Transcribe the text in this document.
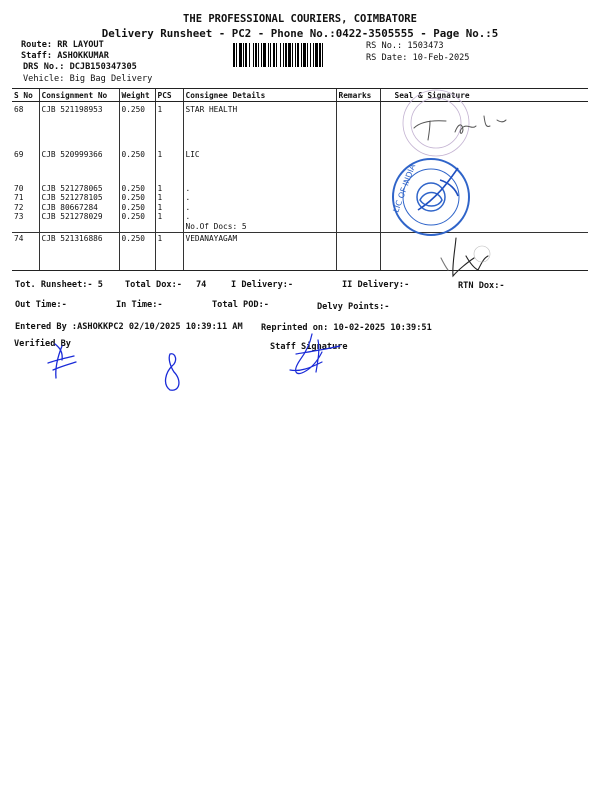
THE PROFESSIONAL COURIERS, COIMBATORE
Delivery Runsheet - PC2 - Phone No.:0422-3505555 - Page No.:5
Route: RR LAYOUT
Staff: ASHOKKUMAR
DRS No.: DCJB150347305
Vehicle: Big Bag Delivery
RS No.: 1503473
RS Date: 10-Feb-2025
S No	Consignment No	Weight	PCS	Consignee Details	Remarks	Seal & Signature
68	CJB 521198953	0.250	1	STAR HEALTH		
69	CJB 520999366	0.250	1	LIC		
70	CJB 521278065	0.250	1	.		
71	CJB 521278105	0.250	1	.		
72	CJB 80667284	0.250	1	.		
73	CJB 521278029	0.250	1	.		
				No.Of Docs: 5		
74	CJB 521316886	0.250	1	VEDANAYAGAM		
Tot. Runsheet:- 5	Total Dox:- 74	I Delivery:-	II Delivery:-	RTN Dox:-
Out Time:-	In Time:-	Total POD:-	Delvy Points:-
Entered By :ASHOKKPC2 02/10/2025 10:39:11 AM Reprinted on: 10-02-2025 10:39:51
Verified By	Staff Signature
LIC OF INDIA
